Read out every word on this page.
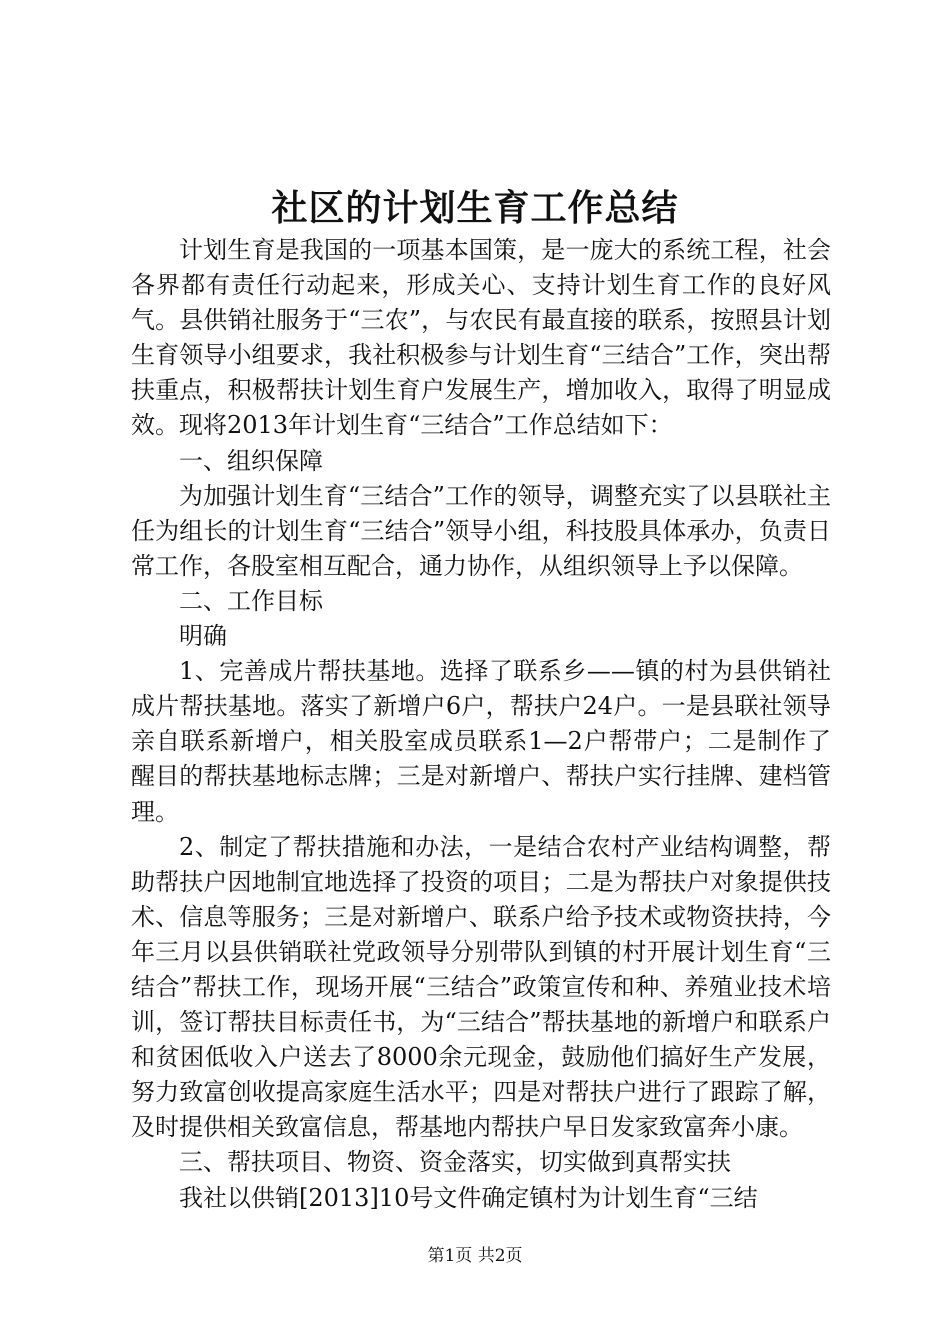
社区的计划生育工作总结

计划生育是我国的一项基本国策，是一庞大的系统工程，社会各界都有责任行动起来，形成关心、支持计划生育工作的良好风气。县供销社服务于“三农”，与农民有最直接的联系，按照县计划生育领导小组要求，我社积极参与计划生育“三结合”工作，突出帮扶重点，积极帮扶计划生育户发展生产，增加收入，取得了明显成效。现将2013年计划生育“三结合”工作总结如下：

一、组织保障

为加强计划生育“三结合”工作的领导，调整充实了以县联社主任为组长的计划生育“三结合”领导小组，科技股具体承办，负责日常工作，各股室相互配合，通力协作，从组织领导上予以保障。

二、工作目标

明确

1、完善成片帮扶基地。选择了联系乡——镇的村为县供销社成片帮扶基地。落实了新增户6户，帮扶户24户。一是县联社领导亲自联系新增户，相关股室成员联系1—2户帮带户；二是制作了醒目的帮扶基地标志牌；三是对新增户、帮扶户实行挂牌、建档管理。

2、制定了帮扶措施和办法，一是结合农村产业结构调整，帮助帮扶户因地制宜地选择了投资的项目；二是为帮扶户对象提供技术、信息等服务；三是对新增户、联系户给予技术或物资扶持，今年三月以县供销联社党政领导分别带队到镇的村开展计划生育“三结合”帮扶工作，现场开展“三结合”政策宣传和种、养殖业技术培训，签订帮扶目标责任书，为“三结合”帮扶基地的新增户和联系户和贫困低收入户送去了8000余元现金，鼓励他们搞好生产发展，努力致富创收提高家庭生活水平；四是对帮扶户进行了跟踪了解，及时提供相关致富信息，帮基地内帮扶户早日发家致富奔小康。

三、帮扶项目、物资、资金落实，切实做到真帮实扶

我社以供销[2013]10号文件确定镇村为计划生育“三结

第1页 共2页
